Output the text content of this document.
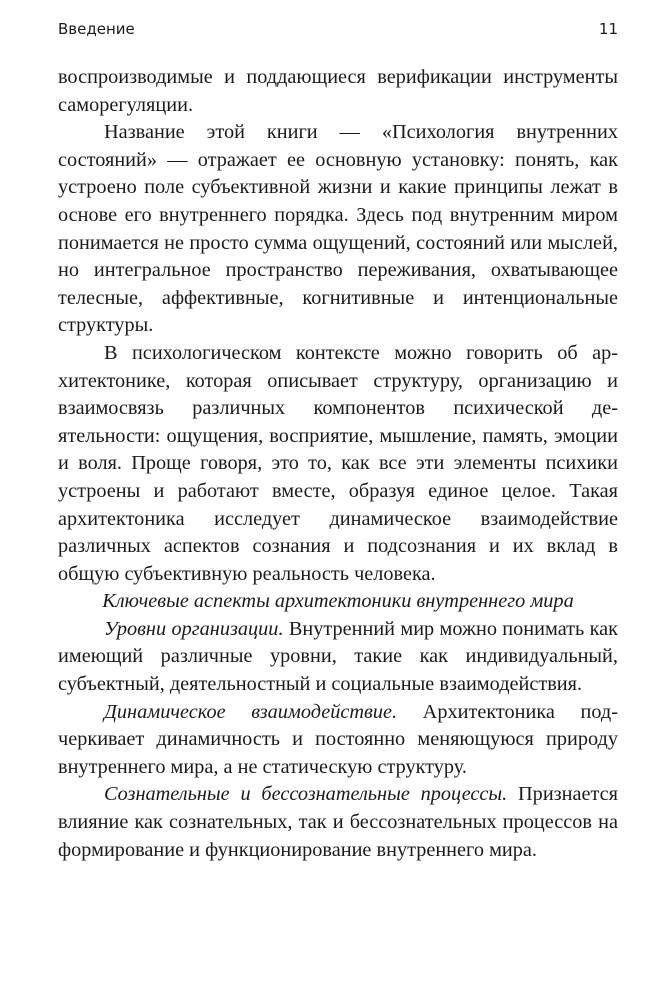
Введение	11

воспроизводимые и поддающиеся верификации инструменты саморегуляции.

Название этой книги — «Психология внутренних состояний» — отражает ее основную установку: понять, как устроено поле субъективной жизни и какие принципы лежат в основе его внутреннего порядка. Здесь под внутренним миром понимается не просто сумма ощущений, состояний или мыслей, но интегральное пространство переживания, охватывающее телесные, аффективные, когнитивные и интенциональные структуры.

В психологическом контексте можно говорить об архитектонике, которая описывает структуру, организацию и взаимосвязь различных компонентов психической деятельности: ощущения, восприятие, мышление, память, эмоции и воля. Проще говоря, это то, как все эти элементы психики устроены и работают вместе, образуя единое целое. Такая архитектоника исследует динамическое взаимодействие различных аспектов сознания и подсознания и их вклад в общую субъективную реальность человека.

Ключевые аспекты архитектоники внутреннего мира

Уровни организации. Внутренний мир можно понимать как имеющий различные уровни, такие как индивидуальный, субъектный, деятельностный и социальные взаимодействия.

Динамическое взаимодействие. Архитектоника подчеркивает динамичность и постоянно меняющуюся природу внутреннего мира, а не статическую структуру.

Сознательные и бессознательные процессы. Признается влияние как сознательных, так и бессознательных процессов на формирование и функционирование внутреннего мира.
